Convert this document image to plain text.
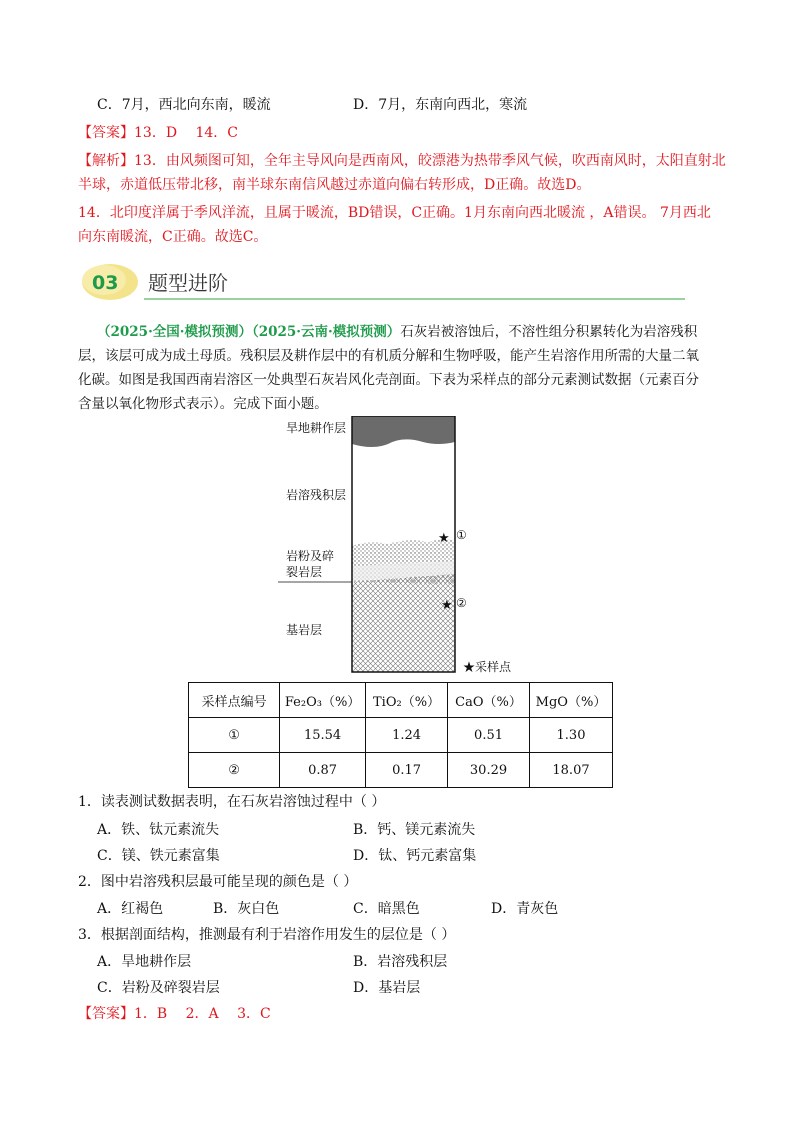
C．7月，西北向东南，暖流	D．7月，东南向西北，寒流
【答案】13．D　 14．C
【解析】13．由风频图可知，全年主导风向是西南风，皎漂港为热带季风气候，吹西南风时，太阳直射北
半球，赤道低压带北移，南半球东南信风越过赤道向偏右转形成，D正确。故选D。
14．北印度洋属于季风洋流，且属于暖流，BD错误，C正确。1月东南向西北暖流 ，A错误。 7月西北
向东南暖流，C正确。故选C。
03 题型进阶
（2025·全国·模拟预测）（2025·云南·模拟预测）石灰岩被溶蚀后，不溶性组分积累转化为岩溶残积
层，该层可成为成土母质。残积层及耕作层中的有机质分解和生物呼吸，能产生岩溶作用所需的大量二氧
化碳。如图是我国西南岩溶区一处典型石灰岩风化壳剖面。下表为采样点的部分元素测试数据（元素百分
含量以氧化物形式表示）。完成下面小题。
★
★
旱地耕作层
岩溶残积层
岩粉及碎
裂岩层
基岩层
①
②
★采样点
采样点编号	Fe₂O₃（%）	TiO₂（%）	CaO（%）	MgO（%）
①	15.54	1.24	0.51	1.30
②	0.87	0.17	30.29	18.07
1．读表测试数据表明，在石灰岩溶蚀过程中（ ）
A．铁、钛元素流失	B．钙、镁元素流失
C．镁、铁元素富集	D．钛、钙元素富集
2．图中岩溶残积层最可能呈现的颜色是（ ）
A．红褐色	B．灰白色	C．暗黑色	D．青灰色
3．根据剖面结构，推测最有利于岩溶作用发生的层位是（ ）
A．旱地耕作层	B．岩溶残积层
C．岩粉及碎裂岩层	D．基岩层
【答案】1．B　 2．A　 3．C
